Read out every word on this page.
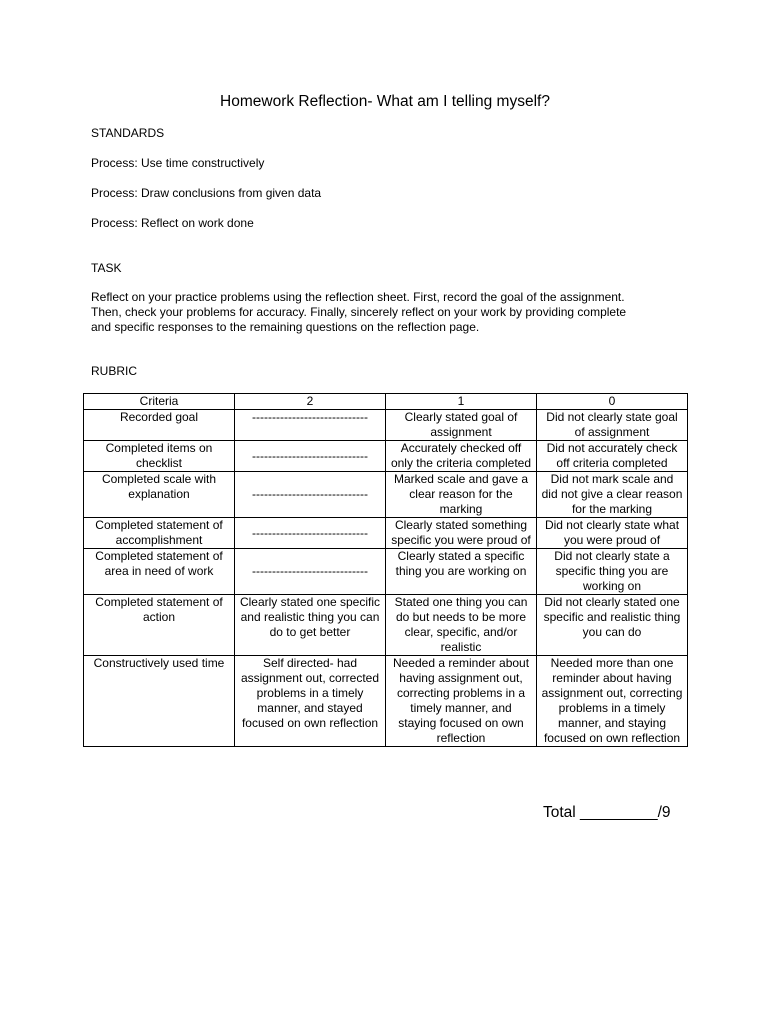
Homework Reflection- What am I telling myself?
STANDARDS
Process: Use time constructively
Process: Draw conclusions from given data
Process: Reflect on work done
TASK
Reflect on your practice problems using the reflection sheet. First, record the goal of the assignment.
Then, check your problems for accuracy. Finally, sincerely reflect on your work by providing complete
and specific responses to the remaining questions on the reflection page.
RUBRIC
Criteria	2	1	0
Recorded goal	-----------------------------	Clearly stated goal of assignment	Did not clearly state goal of assignment
Completed items on checklist	-----------------------------	Accurately checked off only the criteria completed	Did not accurately check off criteria completed
Completed scale with explanation	-----------------------------	Marked scale and gave a clear reason for the marking	Did not mark scale and did not give a clear reason for the marking
Completed statement of accomplishment	-----------------------------	Clearly stated something specific you were proud of	Did not clearly state what you were proud of
Completed statement of area in need of work	-----------------------------	Clearly stated a specific thing you are working on	Did not clearly state a specific thing you are working on
Completed statement of action	Clearly stated one specific and realistic thing you can do to get better	Stated one thing you can do but needs to be more clear, specific, and/or realistic	Did not clearly stated one specific and realistic thing you can do
Constructively used time	Self directed- had assignment out, corrected problems in a timely manner, and stayed focused on own reflection	Needed a reminder about having assignment out, correcting problems in a timely manner, and staying focused on own reflection	Needed more than one reminder about having assignment out, correcting problems in a timely manner, and staying focused on own reflection
Total _________/9
